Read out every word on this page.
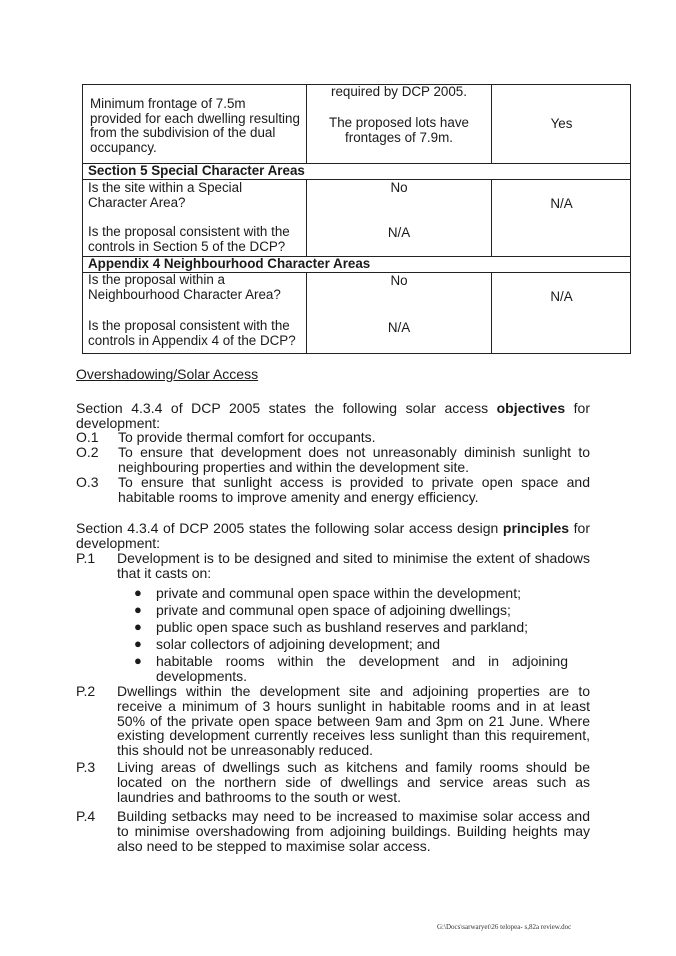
Minimum frontage of 7.5m provided for each dwelling resulting from the subdivision of the dual occupancy.
required by DCP 2005.
The proposed lots have frontages of 7.9m.
Yes
Section 5 Special Character Areas
Is the site within a Special Character Area?
No
Is the proposal consistent with the controls in Section 5 of the DCP?
N/A
N/A
Appendix 4 Neighbourhood Character Areas
Is the proposal within a Neighbourhood Character Area?
No
Is the proposal consistent with the controls in Appendix 4 of the DCP?
N/A
N/A
Overshadowing/Solar Access
Section 4.3.4 of DCP 2005 states the following solar access objectives for development:
O.1 To provide thermal comfort for occupants.
O.2 To ensure that development does not unreasonably diminish sunlight to neighbouring properties and within the development site.
O.3 To ensure that sunlight access is provided to private open space and habitable rooms to improve amenity and energy efficiency.
Section 4.3.4 of DCP 2005 states the following solar access design principles for development:
P.1 Development is to be designed and sited to minimise the extent of shadows that it casts on:
● private and communal open space within the development;
● private and communal open space of adjoining dwellings;
● public open space such as bushland reserves and parkland;
● solar collectors of adjoining development; and
● habitable rooms within the development and in adjoining developments.
P.2 Dwellings within the development site and adjoining properties are to receive a minimum of 3 hours sunlight in habitable rooms and in at least 50% of the private open space between 9am and 3pm on 21 June. Where existing development currently receives less sunlight than this requirement, this should not be unreasonably reduced.
P.3 Living areas of dwellings such as kitchens and family rooms should be located on the northern side of dwellings and service areas such as laundries and bathrooms to the south or west.
P.4 Building setbacks may need to be increased to maximise solar access and to minimise overshadowing from adjoining buildings. Building heights may also need to be stepped to maximise solar access.
G:\Docs\sarwaryet\26 telopea- s,82a review.doc
